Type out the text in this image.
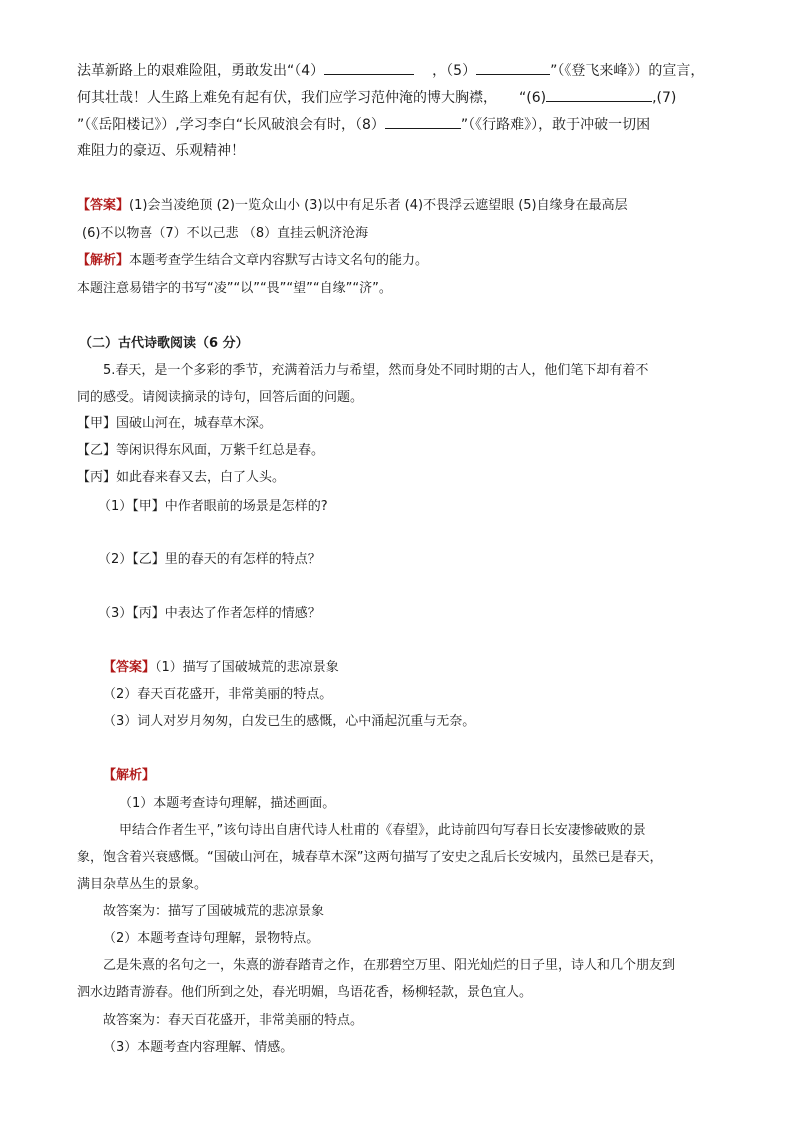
法革新路上的艰难险阻，勇敢发出“（4）	，（5）	”（《登飞来峰》）的宣言，
何其壮哉！人生路上难免有起有伏，我们应学习范仲淹的博大胸襟， “(6)	,(7)
”（《岳阳楼记》）,学习李白“长风破浪会有时，（8）	”（《行路难》），敢于冲破一切困
难阻力的豪迈、乐观精神！
【答案】(1)会当凌绝顶 (2)一览众山小 (3)以中有足乐者 (4)不畏浮云遮望眼 (5)自缘身在最高层
(6)不以物喜（7）不以己悲 （8）直挂云帆济沧海
【解析】本题考查学生结合文章内容默写古诗文名句的能力。
本题注意易错字的书写“凌”“以”“畏”“望”“自缘”“济”。
（二）古代诗歌阅读（6 分）
5.春天，是一个多彩的季节，充满着活力与希望，然而身处不同时期的古人，他们笔下却有着不
同的感受。请阅读摘录的诗句，回答后面的问题。
【甲】国破山河在，城春草木深。
【乙】等闲识得东风面，万紫千红总是春。
【丙】如此春来春又去，白了人头。
（1）【甲】中作者眼前的场景是怎样的?
（2）【乙】里的春天的有怎样的特点？
（3）【丙】中表达了作者怎样的情感？
【答案】（1）描写了国破城荒的悲凉景象
（2）春天百花盛开，非常美丽的特点。
（3）词人对岁月匆匆，白发已生的感慨，心中涌起沉重与无奈。
【解析】
（1）本题考查诗句理解，描述画面。
甲结合作者生平，”该句诗出自唐代诗人杜甫的《春望》，此诗前四句写春日长安凄惨破败的景
象，饱含着兴衰感慨。“国破山河在，城春草木深”这两句描写了安史之乱后长安城内，虽然已是春天，
满目杂草丛生的景象。
故答案为：描写了国破城荒的悲凉景象
（2）本题考查诗句理解，景物特点。
乙是朱熹的名句之一，朱熹的游春踏青之作，在那碧空万里、阳光灿烂的日子里，诗人和几个朋友到
泗水边踏青游春。他们所到之处，春光明媚，鸟语花香，杨柳轻款，景色宜人。
故答案为：春天百花盛开，非常美丽的特点。
（3）本题考查内容理解、情感。
